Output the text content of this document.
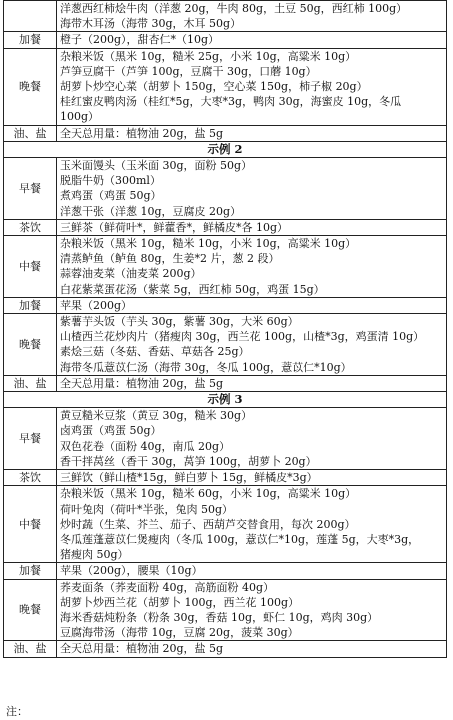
	洋葱西红柿烩牛肉（洋葱 20g，牛肉 80g，土豆 50g，西红柿 100g）
海带木耳汤（海带 30g，木耳 50g）

加餐	橙子（200g），甜杏仁*（10g）

晚餐	杂粮米饭（黑米 10g，糙米 25g，小米 10g，高粱米 10g）
芦笋豆腐干（芦笋 100g，豆腐干 30g，口蘑 10g）
胡萝卜炒空心菜（胡萝卜 150g，空心菜 150g，柿子椒 20g）
桂红蜜皮鸭肉汤（桂红*5g，大枣*3g，鸭肉 30g，海蜜皮 10g，冬瓜
100g）

油、盐	全天总用量：植物油 20g，盐 5g

示例 2	
早餐	玉米面馒头（玉米面 30g，面粉 50g）
脱脂牛奶（300ml）
煮鸡蛋（鸡蛋 50g）
洋葱干张（洋葱 10g，豆腐皮 20g）

茶饮	三鲜茶（鲜荷叶*，鲜藿香*，鲜橘皮*各 10g）

中餐	杂粮米饭（黑米 10g，糙米 10g，小米 10g，高粱米 10g）
清蒸鲈鱼（鲈鱼 80g，生姜*2 片，葱 2 段）
蒜蓉油麦菜（油麦菜 200g）
白花紫菜蛋花汤（紫菜 5g，西红柿 50g，鸡蛋 15g）

加餐	苹果（200g）

晚餐	紫薯芋头饭（芋头 30g，紫薯 30g，大米 60g）
山楂西兰花炒肉片（猪瘦肉 30g，西兰花 100g，山楂*3g，鸡蛋清 10g）
素烩三菇（冬菇、香菇、草菇各 25g）
海带冬瓜薏苡仁汤（海带 30g，冬瓜 100g，薏苡仁*10g）

油、盐	全天总用量：植物油 20g，盐 5g

示例 3	
早餐	黄豆糙米豆浆（黄豆 30g，糙米 30g）
卤鸡蛋（鸡蛋 50g）
双色花卷（面粉 40g，南瓜 20g）
香干拌莴丝（香干 30g，莴笋 100g，胡萝卜 20g）

茶饮	三鲜饮（鲜山楂*15g，鲜白萝卜 15g，鲜橘皮*3g）

中餐	杂粮米饭（黑米 10g，糙米 60g，小米 10g，高粱米 10g）
荷叶兔肉（荷叶*半张，兔肉 50g）
炒时蔬（生菜、芥兰、茄子、西葫芦交替食用，每次 200g）
冬瓜莲蓬薏苡仁煲瘦肉（冬瓜 100g，薏苡仁*10g，莲蓬 5g，大枣*3g，
猪瘦肉 50g）

加餐	苹果（200g），腰果（10g）

晚餐	荞麦面条（荞麦面粉 40g，高筋面粉 40g）
胡萝卜炒西兰花（胡萝卜 100g，西兰花 100g）
海米香菇炖粉条（粉条 30g，香菇 10g，虾仁 10g，鸡肉 30g）
豆腐海带汤（海带 10g，豆腐 20g，菠菜 30g）

油、盐	全天总用量：植物油 20g，盐 5g
注：
